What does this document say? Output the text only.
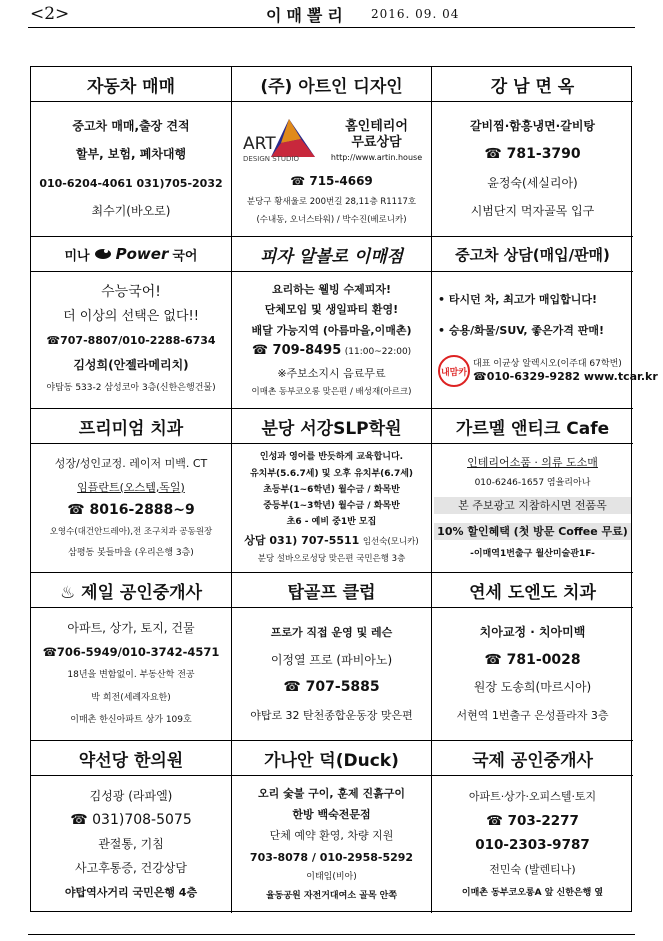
<2>	이매뽈리 2016. 09. 04
자동차 매매
중고차 매매,출장 견적
할부, 보험, 폐차대행
010-6204-4061 031)705-2032
최수기(바오로)
(주) 아트인 디자인
ART
DESIGN STUDIO
홈인테리어
무료상담
http://www.artin.house
☎ 715-4669
분당구 황새울로 200번길 28,11층 R1117호
(수내동, 오너스타워) / 박수진(베로니카)
강 남 면 옥
갈비찜·함흥냉면·갈비탕
☎ 781-3790
윤정숙(세실리아)
시범단지 먹자골목 입구
미나 Power 국어
수능국어!
더 이상의 선택은 없다!!
☎707-8807/010-2288-6734
김성희(안젤라메리치)
야탑동 533-2 삼성코아 3층(신한은행건물)
피자 알볼로 이매점
요리하는 웰빙 수제피자!
단체모임 및 생일파티 환영!
배달 가능지역 (아름마을,이매촌)
☎ 709-8495 (11:00~22:00)
※주보소지시 음료무료
이매촌 동부코오롱 맞은편 / 배성재(아르크)
중고차 상담(매입/판매)
• 타시던 차, 최고가 매입합니다!
• 승용/화물/SUV, 좋은가격 판매!
내맘카
대표 이균상 알렉시오(이주대 67학번)
☎010-6329-9282 www.tcar.kr
프리미엄 치과
성장/성인교정. 레이저 미백. CT
임플란트(오스템,독일)
☎ 8016-2888~9
오영수(대건안드레아),전 조구치과 공동원장
삼평동 봇들마을 (우리은행 3층)
분당 서강SLP학원
인성과 영어를 반듯하게 교육합니다.
유치부(5.6.7세) 및 오후 유치부(6.7세)
초등부(1~6학년) 월수금 / 화목반
중등부(1~3학년) 월수금 / 화목반
초6 - 예비 중1반 모집
상담 031) 707-5511 임선숙(모니카)
분당 설바으로성당 맞은편 국민은행 3층
가르멜 앤티크 Cafe
인테리어소품 · 의류 도소매
010-6246-1657 염율리아나
본 주보광고 지참하시면 전품목
10% 할인혜택 (첫 방문 Coffee 무료)
-이매역1번출구 월산미술관1F-
♨ 제일 공인중개사
아파트, 상가, 토지, 건물
☎706-5949/010-3742-4571
18년을 변함없이. 부동산학 전공
박 희전(세례자요한)
이매촌 한신아파트 상가 109호
탑골프 클럽
프로가 직접 운영 및 레슨
이정열 프로 (파비아노)
☎ 707-5885
야탑로 32 탄천종합운동장 맞은편
연세 도엔도 치과
치아교정 · 치아미백
☎ 781-0028
원장 도송희(마르시아)
서현역 1번출구 은성플라자 3층
약선당 한의원
김성광 (라파엘)
☎ 031)708-5075
관절통, 기침
사고후통증, 건강상담
야탑역사거리 국민은행 4층
가나안 덕(Duck)
오리 숯불 구이, 훈제 진흙구이
한방 백숙전문점
단체 예약 환영, 차량 지원
703-8078 / 010-2958-5292
이태임(비아)
율동공원 자전거대여소 골목 안쪽
국제 공인중개사
아파트·상가·오피스텔·토지
☎ 703-2277
010-2303-9787
전민숙 (발렌티나)
이매촌 동부코오롱A 앞 신한은행 옆
